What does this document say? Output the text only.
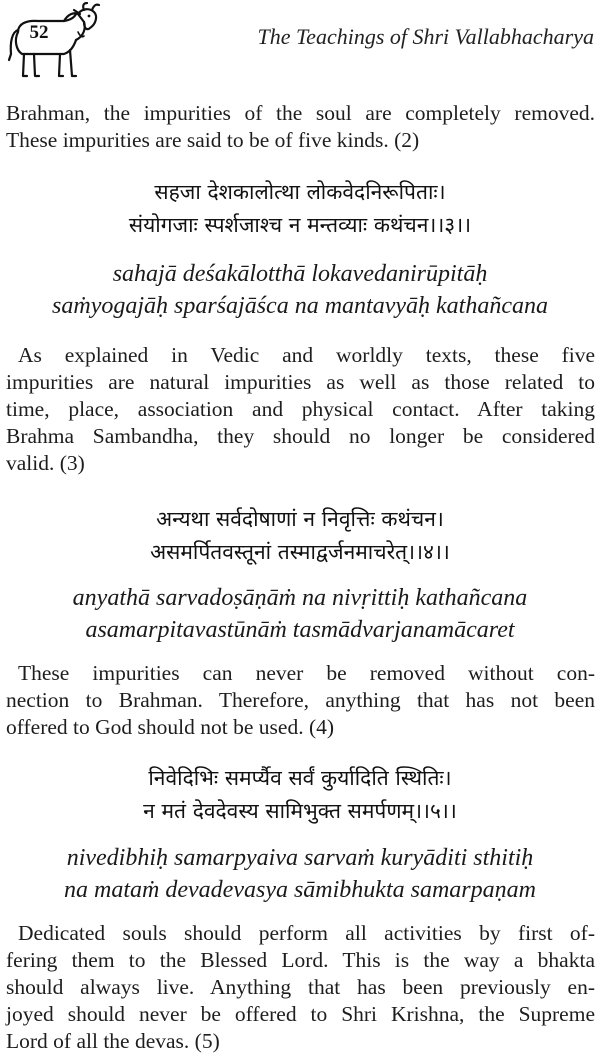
52	The Teachings of Shri Vallabhacharya

Brahman, the impurities of the soul are completely removed.
These impurities are said to be of five kinds. (2)

सहजा देशकालोत्था लोकवेदनिरूपिताः।
संयोगजाः स्पर्शजाश्च न मन्तव्याः कथंचन।।३।।
sahajā deśakālotthā lokavedanirūpitāḥ
saṁyogajāḥ sparśajāśca na mantavyāḥ kathañcana

As explained in Vedic and worldly texts, these five
impurities are natural impurities as well as those related to
time, place, association and physical contact. After taking
Brahma Sambandha, they should no longer be considered
valid. (3)

अन्यथा सर्वदोषाणां न निवृत्तिः कथंचन।
असमर्पितवस्तूनां तस्माद्वर्जनमाचरेत्।।४।।
anyathā sarvadoṣāṇāṁ na nivṛittiḥ kathañcana
asamarpitavastūnāṁ tasmādvarjanamācaret

These impurities can never be removed without con-
nection to Brahman. Therefore, anything that has not been
offered to God should not be used. (4)

निवेदिभिः समर्प्यैव सर्वं कुर्यादिति स्थितिः।
न मतं देवदेवस्य सामिभुक्त समर्पणम्।।५।।
nivedibhiḥ samarpyaiva sarvaṁ kuryāditi sthitiḥ
na mataṁ devadevasya sāmibhukta samarpaṇam

Dedicated souls should perform all activities by first of-
fering them to the Blessed Lord. This is the way a bhakta
should always live. Anything that has been previously en-
joyed should never be offered to Shri Krishna, the Supreme
Lord of all the devas. (5)
